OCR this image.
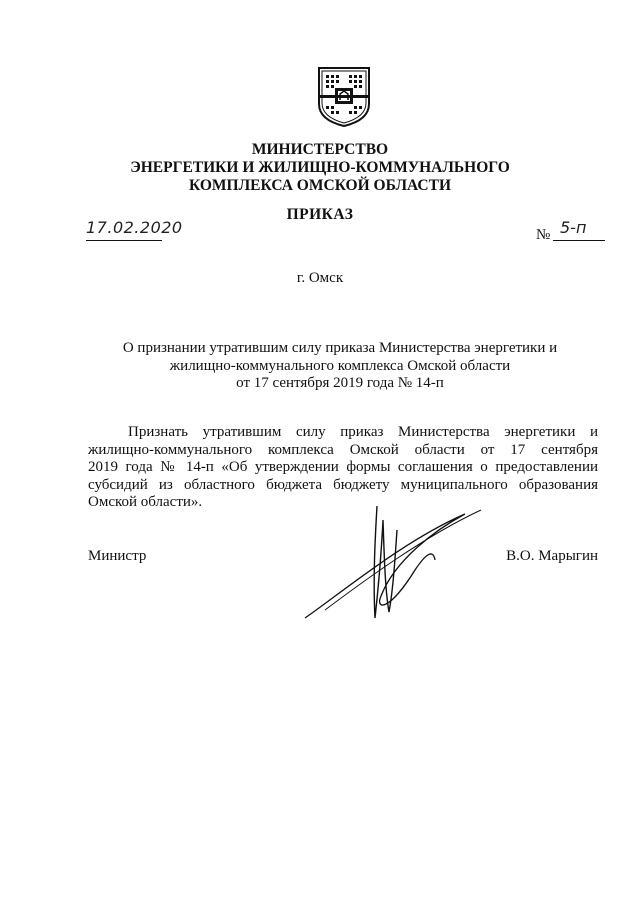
МИНИСТЕРСТВО
ЭНЕРГЕТИКИ И ЖИЛИЩНО-КОММУНАЛЬНОГО
КОМПЛЕКСА ОМСКОЙ ОБЛАСТИ
ПРИКАЗ
17.02.2020	№ 5-п
г. Омск
О признании утратившим силу приказа Министерства энергетики и
жилищно-коммунального комплекса Омской области
от 17 сентября 2019 года № 14-п
Признать утратившим силу приказ Министерства энергетики и
жилищно-коммунального комплекса Омской области от 17 сентября
2019 года № 14-п «Об утверждении формы соглашения о предоставлении
субсидий из областного бюджета бюджету муниципального образования
Омской области».
Министр	В.О. Марыгин
